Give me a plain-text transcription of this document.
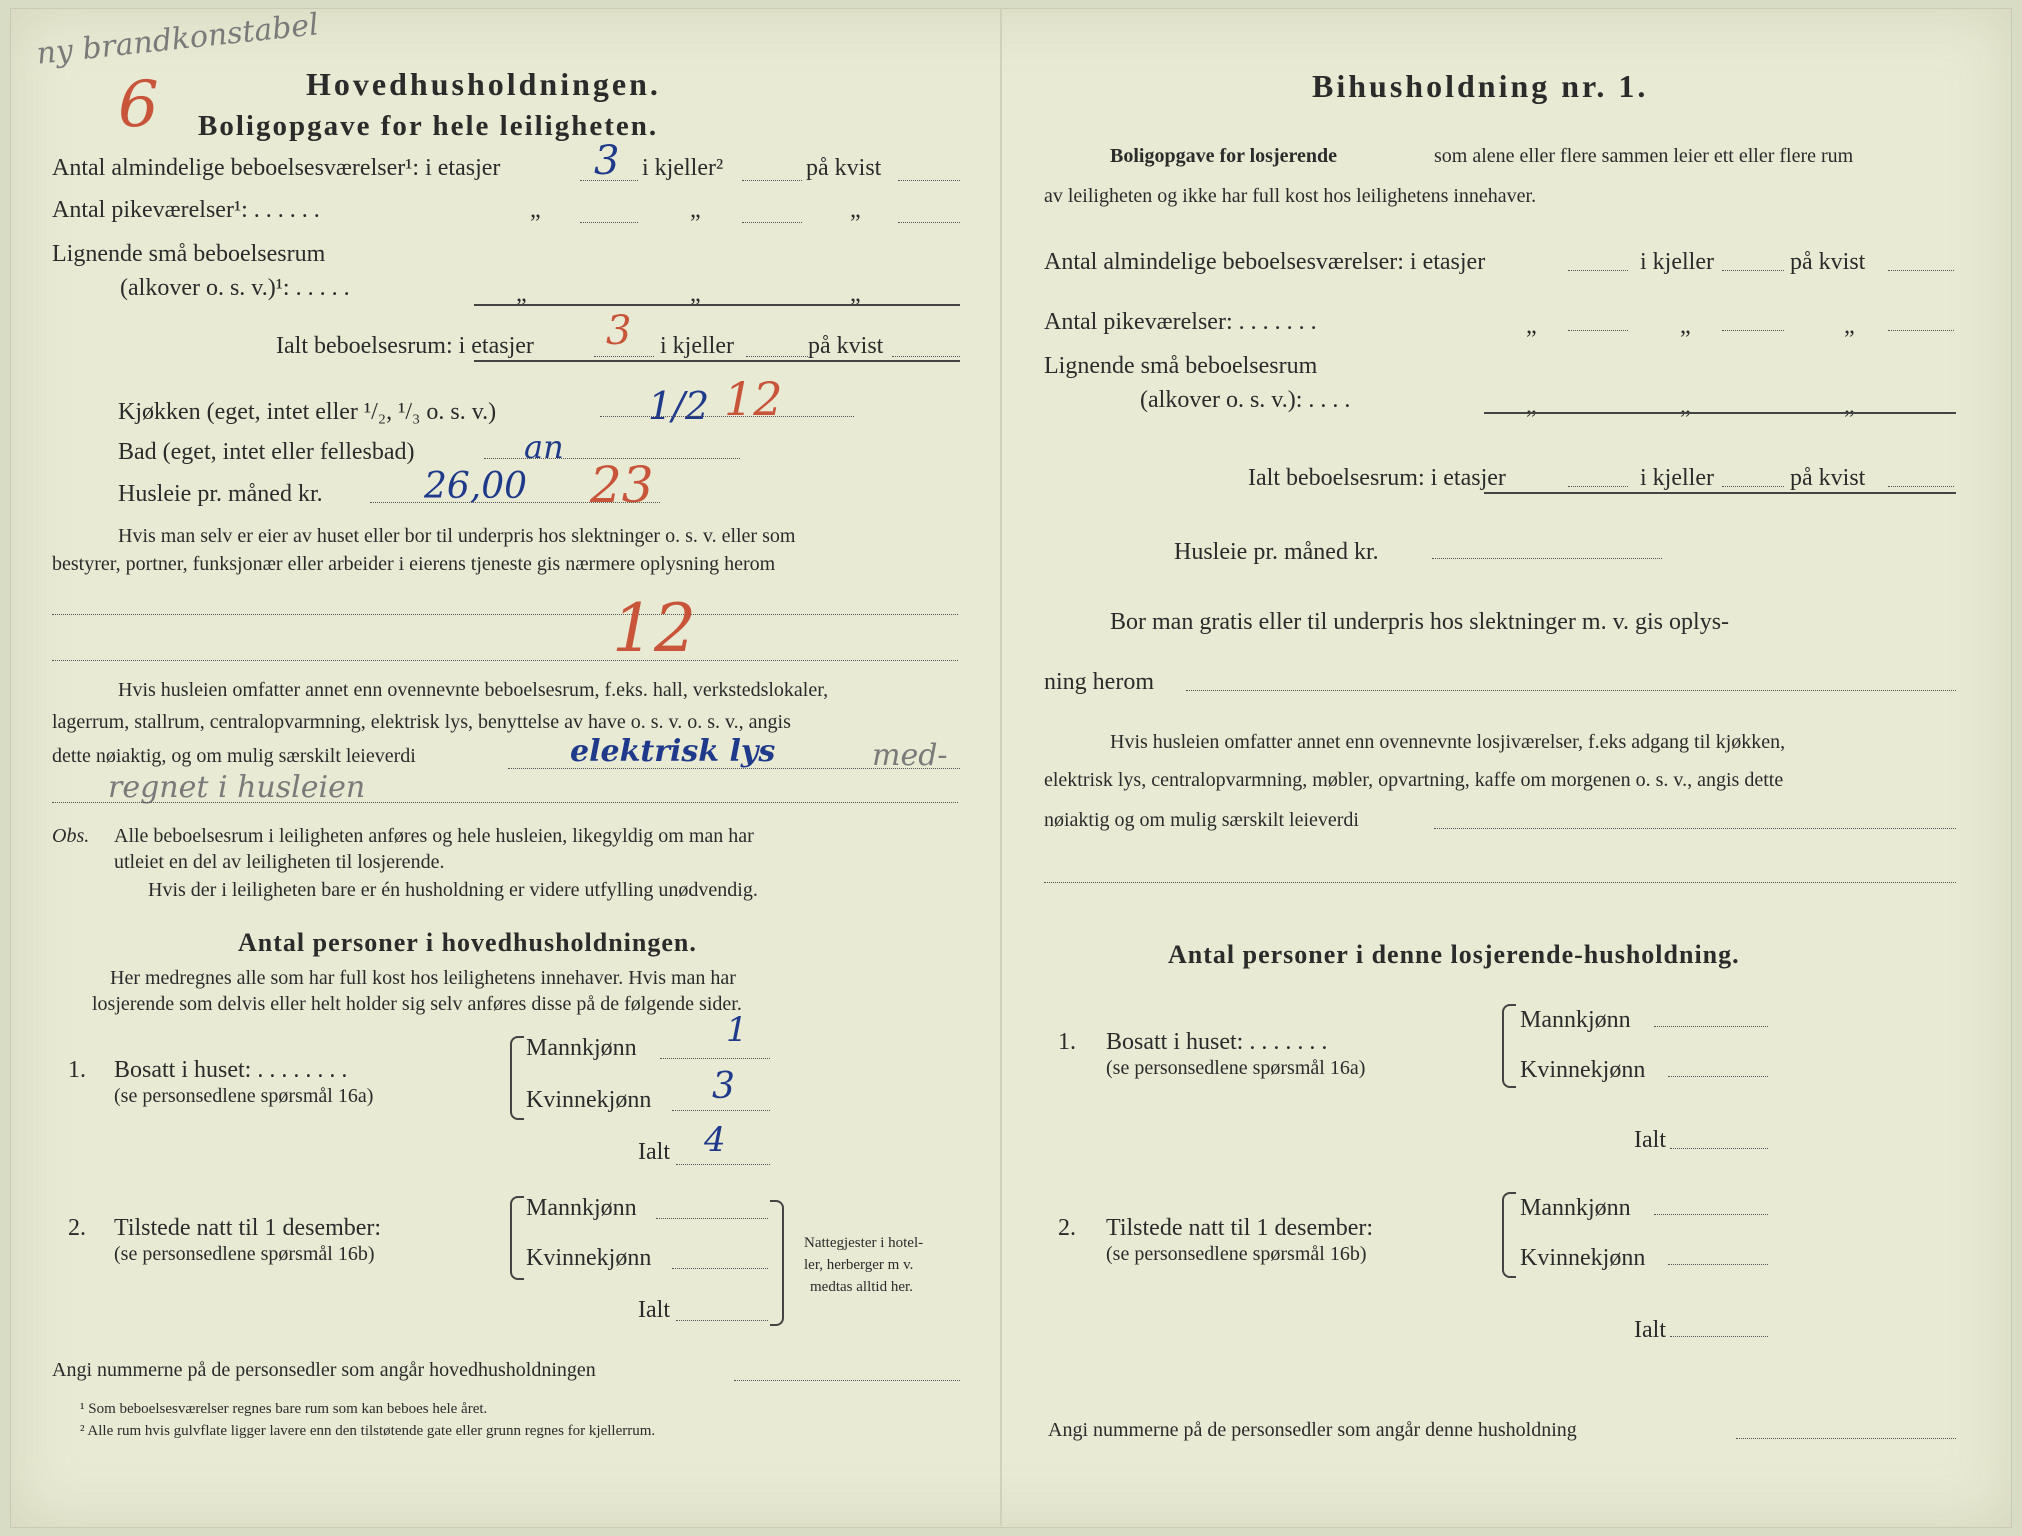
ny brandkonstabel
6	Hovedhusholdningen.
Boligopgave for hele leiligheten.
Antal almindelige beboelsesværelser¹: i etasjer 3 i kjeller²	på kvist
Antal pikeværelser¹: . . . . . .	„	„	„
Lignende små beboelsesrum
(alkover o. s. v.)¹: . . . . .	„	„	„
Ialt beboelsesrum: i etasjer 3 i kjeller	på kvist
Kjøkken (eget, intet eller ¹/₂, ¹/₃ o. s. v.)	1/2 12
Bad (eget, intet eller fellesbad)	an
Husleie pr. måned kr.	26,00 23
Hvis man selv er eier av huset eller bor til underpris hos slektninger o. s. v. eller som
bestyrer, portner, funksjonær eller arbeider i eierens tjeneste gis nærmere oplysning herom
12
Hvis husleien omfatter annet enn ovennevnte beboelsesrum, f.eks. hall, verkstedslokaler,
lagerrum, stallrum, centralopvarmning, elektrisk lys, benyttelse av have o. s. v. o. s. v., angis
dette nøiaktig, og om mulig særskilt leieverdi	elektrisk lys	med-
regnet i husleien
Obs. Alle beboelsesrum i leiligheten anføres og hele husleien, likegyldig om man har
utleiet en del av leiligheten til losjerende.
Hvis der i leiligheten bare er én husholdning er videre utfylling unødvendig.
Antal personer i hovedhusholdningen.
Her medregnes alle som har full kost hos leilighetens innehaver. Hvis man har
losjerende som delvis eller helt holder sig selv anføres disse på de følgende sider.
1. Bosatt i huset: . . . . . . . .
(se personsedlene spørsmål 16a)
Mannkjønn	1
Kvinnekjønn 3
Ialt 4
2. Tilstede natt til 1 desember:
(se personsedlene spørsmål 16b)
Mannkjønn
Kvinnekjønn
Ialt
Nattegjester i hotel-
ler, herberger m v.
medtas alltid her.
Angi nummerne på de personsedler som angår hovedhusholdningen
¹ Som beboelsesværelser regnes bare rum som kan beboes hele året.
² Alle rum hvis gulvflate ligger lavere enn den tilstøtende gate eller grunn regnes for kjellerrum.
Bihusholdning nr. 1.
Boligopgave for losjerende	som alene eller flere sammen leier ett eller flere rum
av leiligheten og ikke har full kost hos leilighetens innehaver.
Antal almindelige beboelsesværelser: i etasjer	i kjeller	på kvist
Antal pikeværelser: . . . . . . .	„	„	„
Lignende små beboelsesrum
(alkover o. s. v.): . . . .	„	„	„
Ialt beboelsesrum: i etasjer	i kjeller	på kvist
Husleie pr. måned kr.
Bor man gratis eller til underpris hos slektninger m. v. gis oplys-
ning herom
Hvis husleien omfatter annet enn ovennevnte losjiværelser, f.eks adgang til kjøkken,
elektrisk lys, centralopvarmning, møbler, opvartning, kaffe om morgenen o. s. v., angis dette
nøiaktig og om mulig særskilt leieverdi
Antal personer i denne losjerende-husholdning.
1. Bosatt i huset: . . . . . . .
(se personsedlene spørsmål 16a)
Mannkjønn
Kvinnekjønn
Ialt
2. Tilstede natt til 1 desember:
(se personsedlene spørsmål 16b)
Mannkjønn
Kvinnekjønn
Ialt
Angi nummerne på de personsedler som angår denne husholdning
